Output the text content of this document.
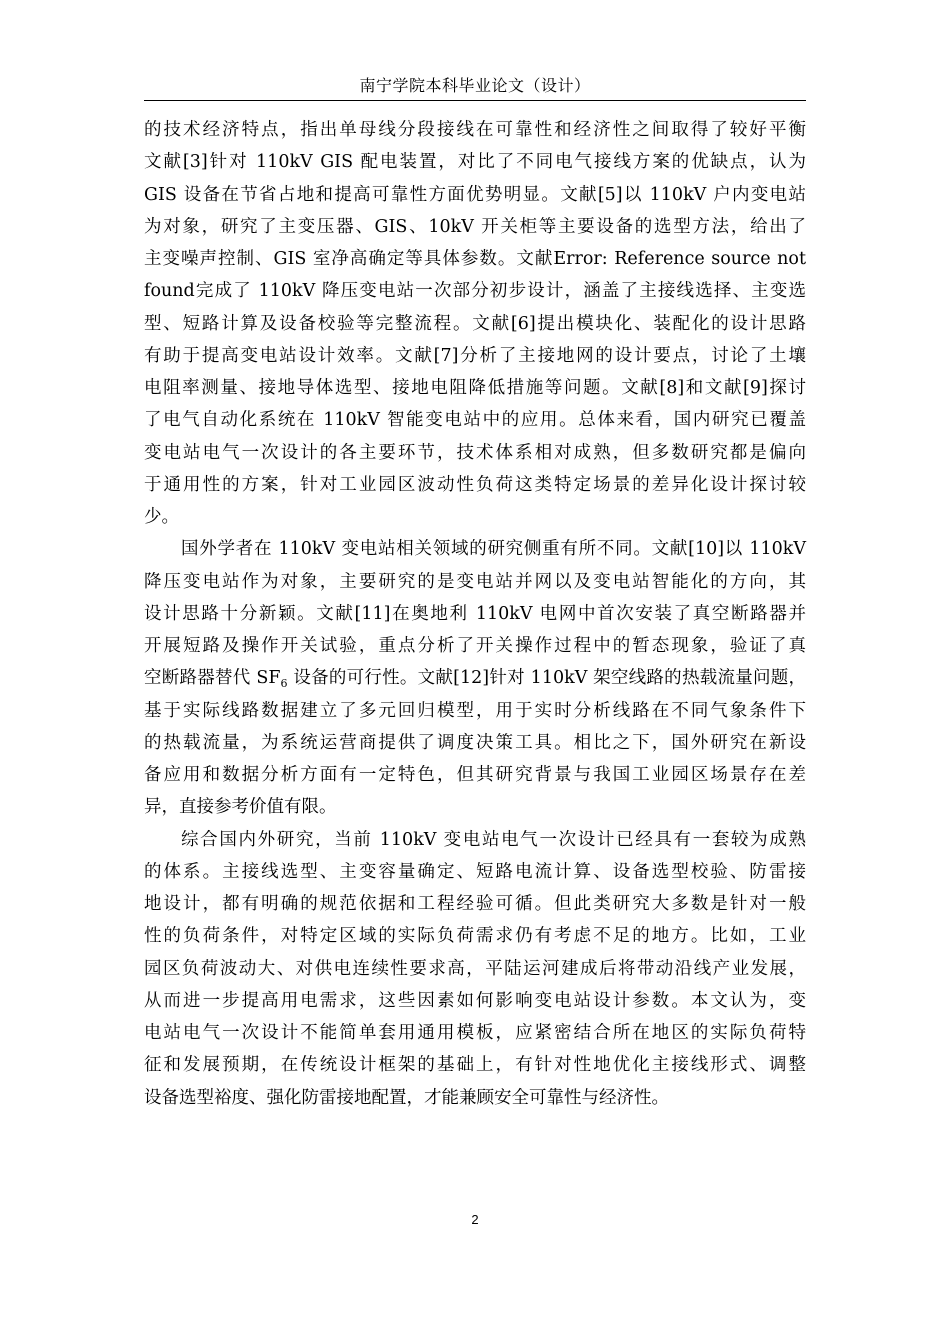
南宁学院本科毕业论文（设计）
的技术经济特点，指出单母线分段接线在可靠性和经济性之间取得了较好平衡
文献[3]针对 110kV GIS 配电装置，对比了不同电气接线方案的优缺点，认为
GIS 设备在节省占地和提高可靠性方面优势明显。文献[5]以 110kV 户内变电站
为对象，研究了主变压器、GIS、10kV 开关柜等主要设备的选型方法，给出了
主变噪声控制、GIS 室净高确定等具体参数。文献Error: Reference source not
found完成了 110kV 降压变电站一次部分初步设计，涵盖了主接线选择、主变选
型、短路计算及设备校验等完整流程。文献[6]提出模块化、装配化的设计思路
有助于提高变电站设计效率。文献[7]分析了主接地网的设计要点，讨论了土壤
电阻率测量、接地导体选型、接地电阻降低措施等问题。文献[8]和文献[9]探讨
了电气自动化系统在 110kV 智能变电站中的应用。总体来看，国内研究已覆盖
变电站电气一次设计的各主要环节，技术体系相对成熟，但多数研究都是偏向
于通用性的方案，针对工业园区波动性负荷这类特定场景的差异化设计探讨较
少。
国外学者在 110kV 变电站相关领域的研究侧重有所不同。文献[10]以 110kV
降压变电站作为对象，主要研究的是变电站并网以及变电站智能化的方向，其
设计思路十分新颖。文献[11]在奥地利 110kV 电网中首次安装了真空断路器并
开展短路及操作开关试验，重点分析了开关操作过程中的暂态现象，验证了真
空断路器替代 $SF_6$ 设备的可行性。文献[12]针对 110kV 架空线路的热载流量问题，
基于实际线路数据建立了多元回归模型，用于实时分析线路在不同气象条件下
的热载流量，为系统运营商提供了调度决策工具。相比之下，国外研究在新设
备应用和数据分析方面有一定特色，但其研究背景与我国工业园区场景存在差
异，直接参考价值有限。
综合国内外研究，当前 110kV 变电站电气一次设计已经具有一套较为成熟
的体系。主接线选型、主变容量确定、短路电流计算、设备选型校验、防雷接
地设计，都有明确的规范依据和工程经验可循。但此类研究大多数是针对一般
性的负荷条件，对特定区域的实际负荷需求仍有考虑不足的地方。比如，工业
园区负荷波动大、对供电连续性要求高，平陆运河建成后将带动沿线产业发展，
从而进一步提高用电需求，这些因素如何影响变电站设计参数。本文认为，变
电站电气一次设计不能简单套用通用模板，应紧密结合所在地区的实际负荷特
征和发展预期，在传统设计框架的基础上，有针对性地优化主接线形式、调整
设备选型裕度、强化防雷接地配置，才能兼顾安全可靠性与经济性。
2
